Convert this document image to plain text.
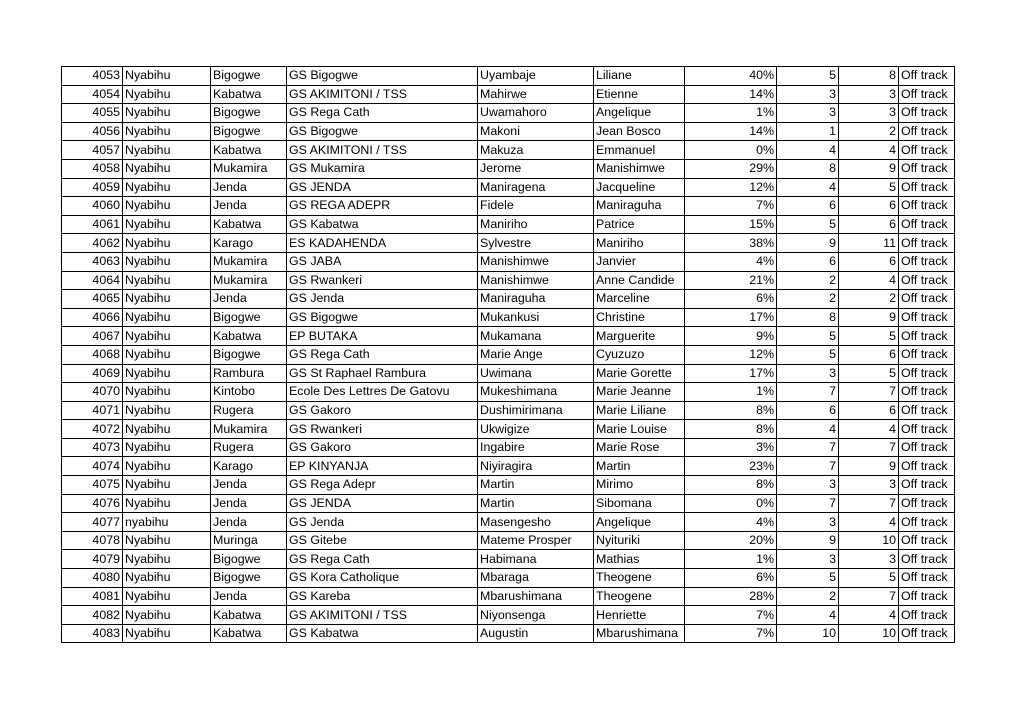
4053	Nyabihu	Bigogwe	GS Bigogwe	Uyambaje	Liliane	40%	5	8	Off track
4054	Nyabihu	Kabatwa	GS AKIMITONI / TSS	Mahirwe	Etienne	14%	3	3	Off track
4055	Nyabihu	Bigogwe	GS Rega Cath	Uwamahoro	Angelique	1%	3	3	Off track
4056	Nyabihu	Bigogwe	GS Bigogwe	Makoni	Jean Bosco	14%	1	2	Off track
4057	Nyabihu	Kabatwa	GS AKIMITONI / TSS	Makuza	Emmanuel	0%	4	4	Off track
4058	Nyabihu	Mukamira	GS Mukamira	Jerome	Manishimwe	29%	8	9	Off track
4059	Nyabihu	Jenda	GS JENDA	Maniragena	Jacqueline	12%	4	5	Off track
4060	Nyabihu	Jenda	GS REGA ADEPR	Fidele	Maniraguha	7%	6	6	Off track
4061	Nyabihu	Kabatwa	GS Kabatwa	Maniriho	Patrice	15%	5	6	Off track
4062	Nyabihu	Karago	ES KADAHENDA	Sylvestre	Maniriho	38%	9	11	Off track
4063	Nyabihu	Mukamira	GS JABA	Manishimwe	Janvier	4%	6	6	Off track
4064	Nyabihu	Mukamira	GS Rwankeri	Manishimwe	Anne Candide	21%	2	4	Off track
4065	Nyabihu	Jenda	GS Jenda	Maniraguha	Marceline	6%	2	2	Off track
4066	Nyabihu	Bigogwe	GS Bigogwe	Mukankusi	Christine	17%	8	9	Off track
4067	Nyabihu	Kabatwa	EP BUTAKA	Mukamana	Marguerite	9%	5	5	Off track
4068	Nyabihu	Bigogwe	GS Rega Cath	Marie Ange	Cyuzuzo	12%	5	6	Off track
4069	Nyabihu	Rambura	GS St Raphael Rambura	Uwimana	Marie Gorette	17%	3	5	Off track
4070	Nyabihu	Kintobo	Ecole Des Lettres De Gatovu	Mukeshimana	Marie Jeanne	1%	7	7	Off track
4071	Nyabihu	Rugera	GS Gakoro	Dushimirimana	Marie Liliane	8%	6	6	Off track
4072	Nyabihu	Mukamira	GS Rwankeri	Ukwigize	Marie Louise	8%	4	4	Off track
4073	Nyabihu	Rugera	GS Gakoro	Ingabire	Marie Rose	3%	7	7	Off track
4074	Nyabihu	Karago	EP KINYANJA	Niyiragira	Martin	23%	7	9	Off track
4075	Nyabihu	Jenda	GS Rega Adepr	Martin	Mirimo	8%	3	3	Off track
4076	Nyabihu	Jenda	GS JENDA	Martin	Sibomana	0%	7	7	Off track
4077	nyabihu	Jenda	GS Jenda	Masengesho	Angelique	4%	3	4	Off track
4078	Nyabihu	Muringa	GS Gitebe	Mateme Prosper	Nyituriki	20%	9	10	Off track
4079	Nyabihu	Bigogwe	GS Rega Cath	Habimana	Mathias	1%	3	3	Off track
4080	Nyabihu	Bigogwe	GS Kora Catholique	Mbaraga	Theogene	6%	5	5	Off track
4081	Nyabihu	Jenda	GS Kareba	Mbarushimana	Theogene	28%	2	7	Off track
4082	Nyabihu	Kabatwa	GS AKIMITONI / TSS	Niyonsenga	Henriette	7%	4	4	Off track
4083	Nyabihu	Kabatwa	GS Kabatwa	Augustin	Mbarushimana	7%	10	10	Off track
